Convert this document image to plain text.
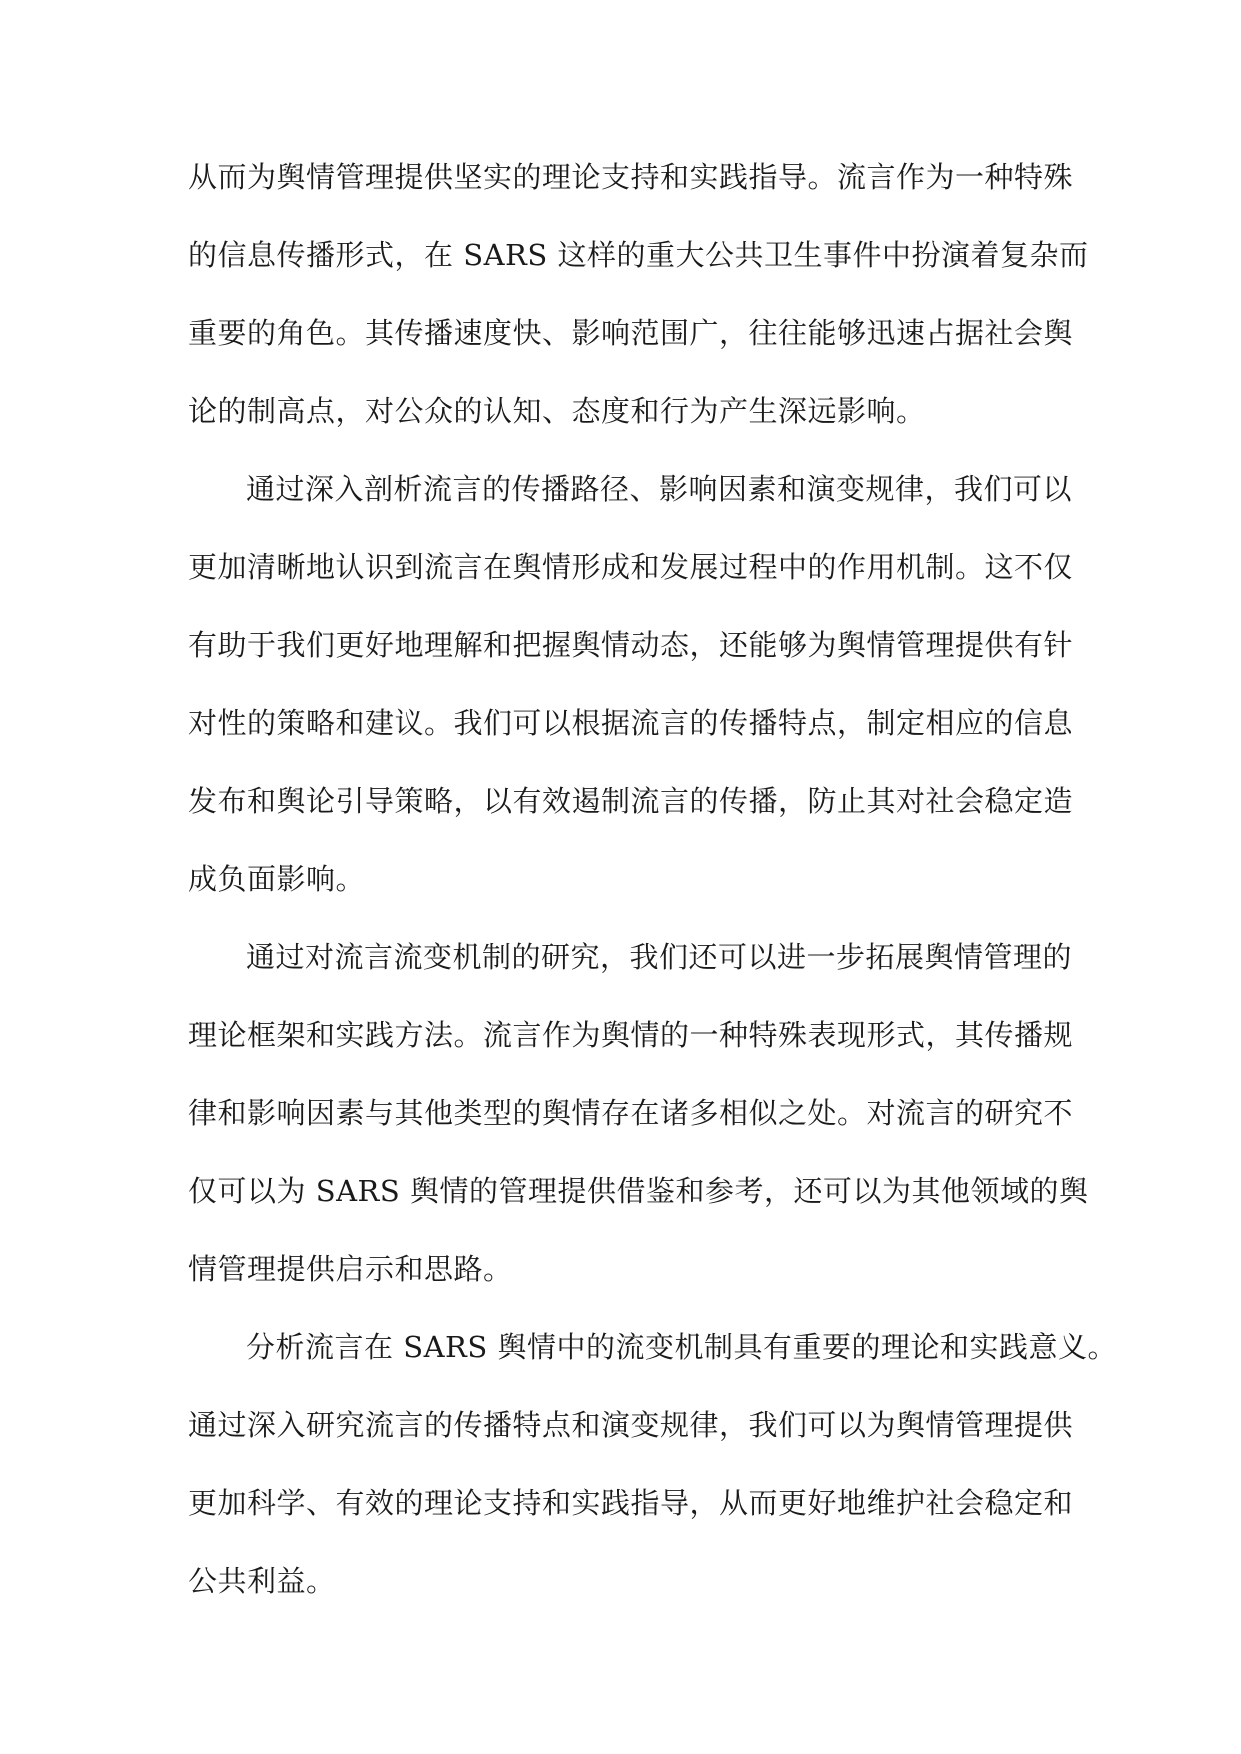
从而为舆情管理提供坚实的理论支持和实践指导。流言作为一种特殊
的信息传播形式，在 SARS 这样的重大公共卫生事件中扮演着复杂而
重要的角色。其传播速度快、影响范围广，往往能够迅速占据社会舆
论的制高点，对公众的认知、态度和行为产生深远影响。
通过深入剖析流言的传播路径、影响因素和演变规律，我们可以
更加清晰地认识到流言在舆情形成和发展过程中的作用机制。这不仅
有助于我们更好地理解和把握舆情动态，还能够为舆情管理提供有针
对性的策略和建议。我们可以根据流言的传播特点，制定相应的信息
发布和舆论引导策略，以有效遏制流言的传播，防止其对社会稳定造
成负面影响。
通过对流言流变机制的研究，我们还可以进一步拓展舆情管理的
理论框架和实践方法。流言作为舆情的一种特殊表现形式，其传播规
律和影响因素与其他类型的舆情存在诸多相似之处。对流言的研究不
仅可以为 SARS 舆情的管理提供借鉴和参考，还可以为其他领域的舆
情管理提供启示和思路。
分析流言在 SARS 舆情中的流变机制具有重要的理论和实践意义。
通过深入研究流言的传播特点和演变规律，我们可以为舆情管理提供
更加科学、有效的理论支持和实践指导，从而更好地维护社会稳定和
公共利益。
